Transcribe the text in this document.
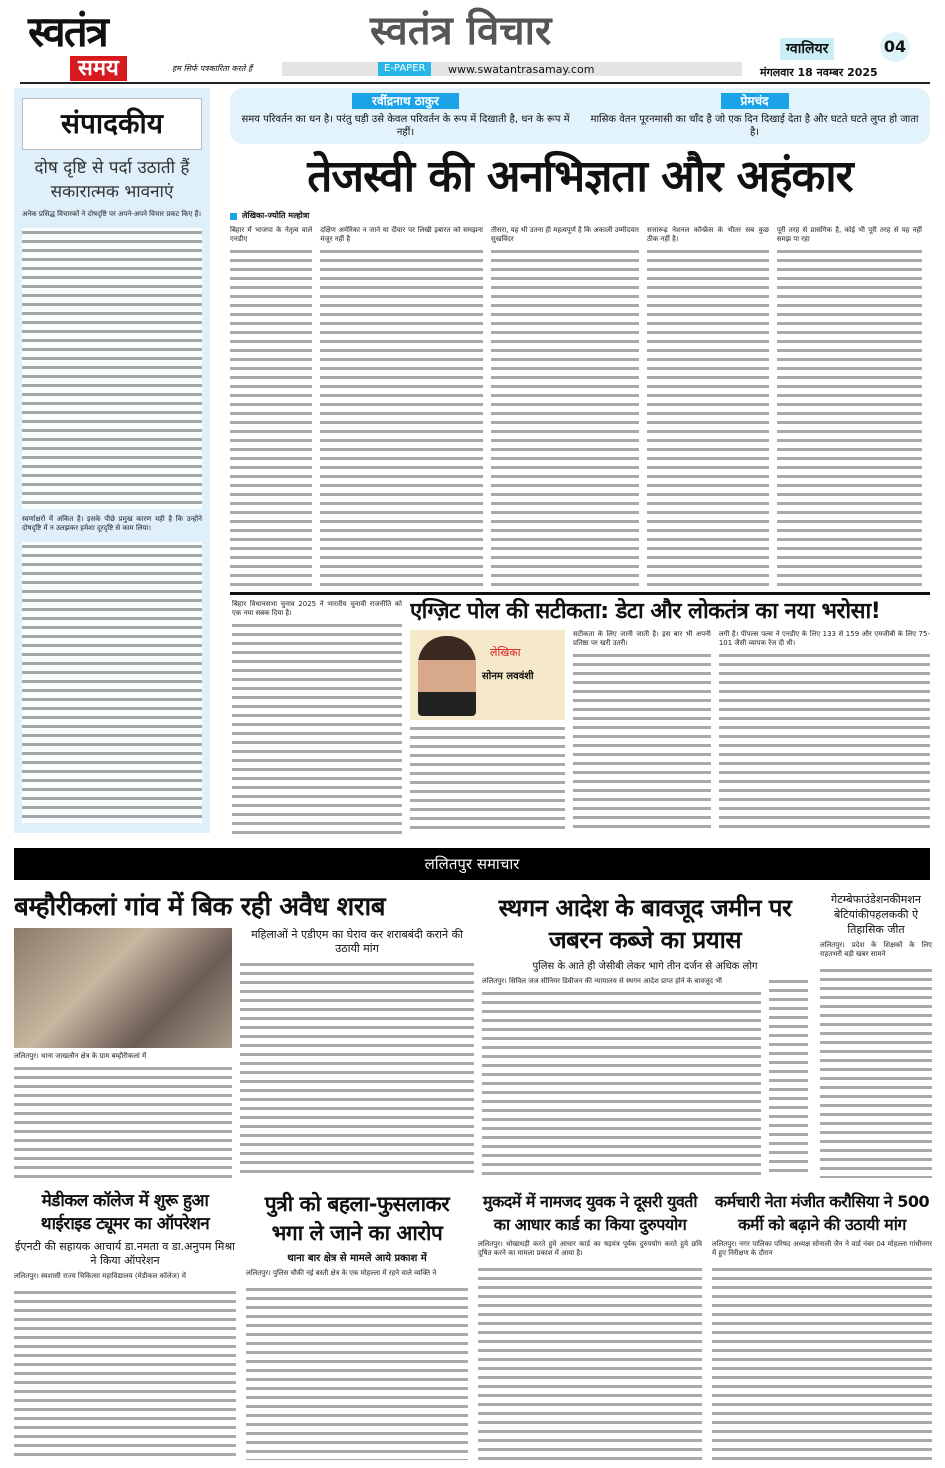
स्वतंत्र
समय	हम सिर्फ पत्रकारिता करते हैं
स्वतंत्र विचार
E-PAPER	www.swatantrasamay.com
ग्वालियर	04
मंगलवार 18 नवम्बर 2025
संपादकीय
दोष दृष्टि से पर्दा उठाती हैं सकारात्मक भावनाएं
अनेक प्रसिद्ध विचारकों ने दोषदृष्टि पर अपने-अपने विचार प्रकट किए हैं।
स्वर्णाक्षरों में अंकित है। इसके पीछे प्रमुख कारण यही है कि उन्होंने दोषदृष्टि में न उलझकर हमेशा दूरदृष्टि से काम लिया।
रवींद्रनाथ ठाकुर
समय परिवर्तन का धन है। परंतु घड़ी उसे केवल परिवर्तन के रूप में दिखाती है, धन के रूप में नहीं।
प्रेमचंद
मासिक वेतन पूरनमासी का चाँद है जो एक दिन दिखाई देता है और घटते घटते लुप्त हो जाता है।
तेजस्वी की अनभिज्ञता और अहंकार
लेखिका-ज्योति मल्होत्रा
बिहार में भाजपा के नेतृत्व वाले एनडीए
दक्षिण अमेरिका न जाने या दीवार पर लिखी इबारत को समझना मंजूर नहीं है
तीसरा, यह भी उतना ही महत्वपूर्ण है कि अकाली उम्मीदवार सुखविंदर
सत्तारूढ़ नेशनल कॉन्फ्रेंस के भीतर सब कुछ ठीक नहीं है।
पूरी तरह से प्रासंगिक है, कोई भी पूरी तरह से यह नहीं समझ पा रहा
बिहार विधानसभा चुनाव 2025 ने भारतीय चुनावी राजनीति को एक नया सबक दिया है।	एग्ज़िट पोल की सटीकता: डेटा और लोकतंत्र का नया भरोसा!
लेखिका
सोनम लववंशी
सटीकता के लिए जानी जाती है। इस बार भी अपनी प्रतिष्ठा पर खरी उतरी।
लगी है। पीपल्स पल्स ने एनडीए के लिए 133 से 159 और एमजीबी के लिए 75-101 जैसी व्यापक रेंज दी थी।
ललितपुर समाचार
बम्हौरीकलां गांव में बिक रही अवैध शराब
ललितपुर। थाना जाखलौन क्षेत्र के ग्राम बम्हौरीकलां में
महिलाओं ने एडीएम का घेराव कर शराबबंदी कराने की उठायी मांग
स्थगन आदेश के बावजूद जमीन पर जबरन कब्जे का प्रयास
पुलिस के आते ही जेसीबी लेकर भागे तीन दर्जन से अधिक लोग
ललितपुर। सिविल जज सीनियर डिवीजन की न्यायालय से स्थगन आदेश प्राप्त होने के बावजूद भी
गेटम्बेफाउंडेशनकीमशनबेटियांकीपहलककी ऐतिहासिक जीत
ललितपुर। प्रदेश के शिक्षकों के लिए राहतभरी बड़ी खबर सामने
मेडीकल कॉलेज में शुरू हुआ थाईराइड ट्यूमर का ऑपरेशन
ईएनटी की सहायक आचार्य डा.नमता व डा.अनुपम मिश्रा ने किया ऑपरेशन
ललितपुर। स्वशासी राज्य चिकित्सा महाविद्यालय (मेडीकल कॉलेज) में
पुत्री को बहला-फुसलाकर भगा ले जाने का आरोप
थाना बार क्षेत्र से मामले आये प्रकाश में
ललितपुर। पुलिस चौकी नई बस्ती क्षेत्र के एक मोहल्ला में रहने वाले व्यक्ति ने
मुकदमें में नामजद युवक ने दूसरी युवती का आधार कार्ड का किया दुरुपयोग
ललितपुर। धोखाधड़ी करते हुये आधार कार्ड का षड़यंत्र पूर्वक दुरुपयोग करते हुये छवि दूषित करने का मामला प्रकाश में आया है।
कर्मचारी नेता मंजीत करौसिया ने 500 कर्मी को बढ़ाने की उठायी मांग
ललितपुर। नगर पालिका परिषद अध्यक्ष सोनाली जैन ने वार्ड नंबर 04 मोहल्ला गांधीनगर में हुए निरीक्षण के दौरान
